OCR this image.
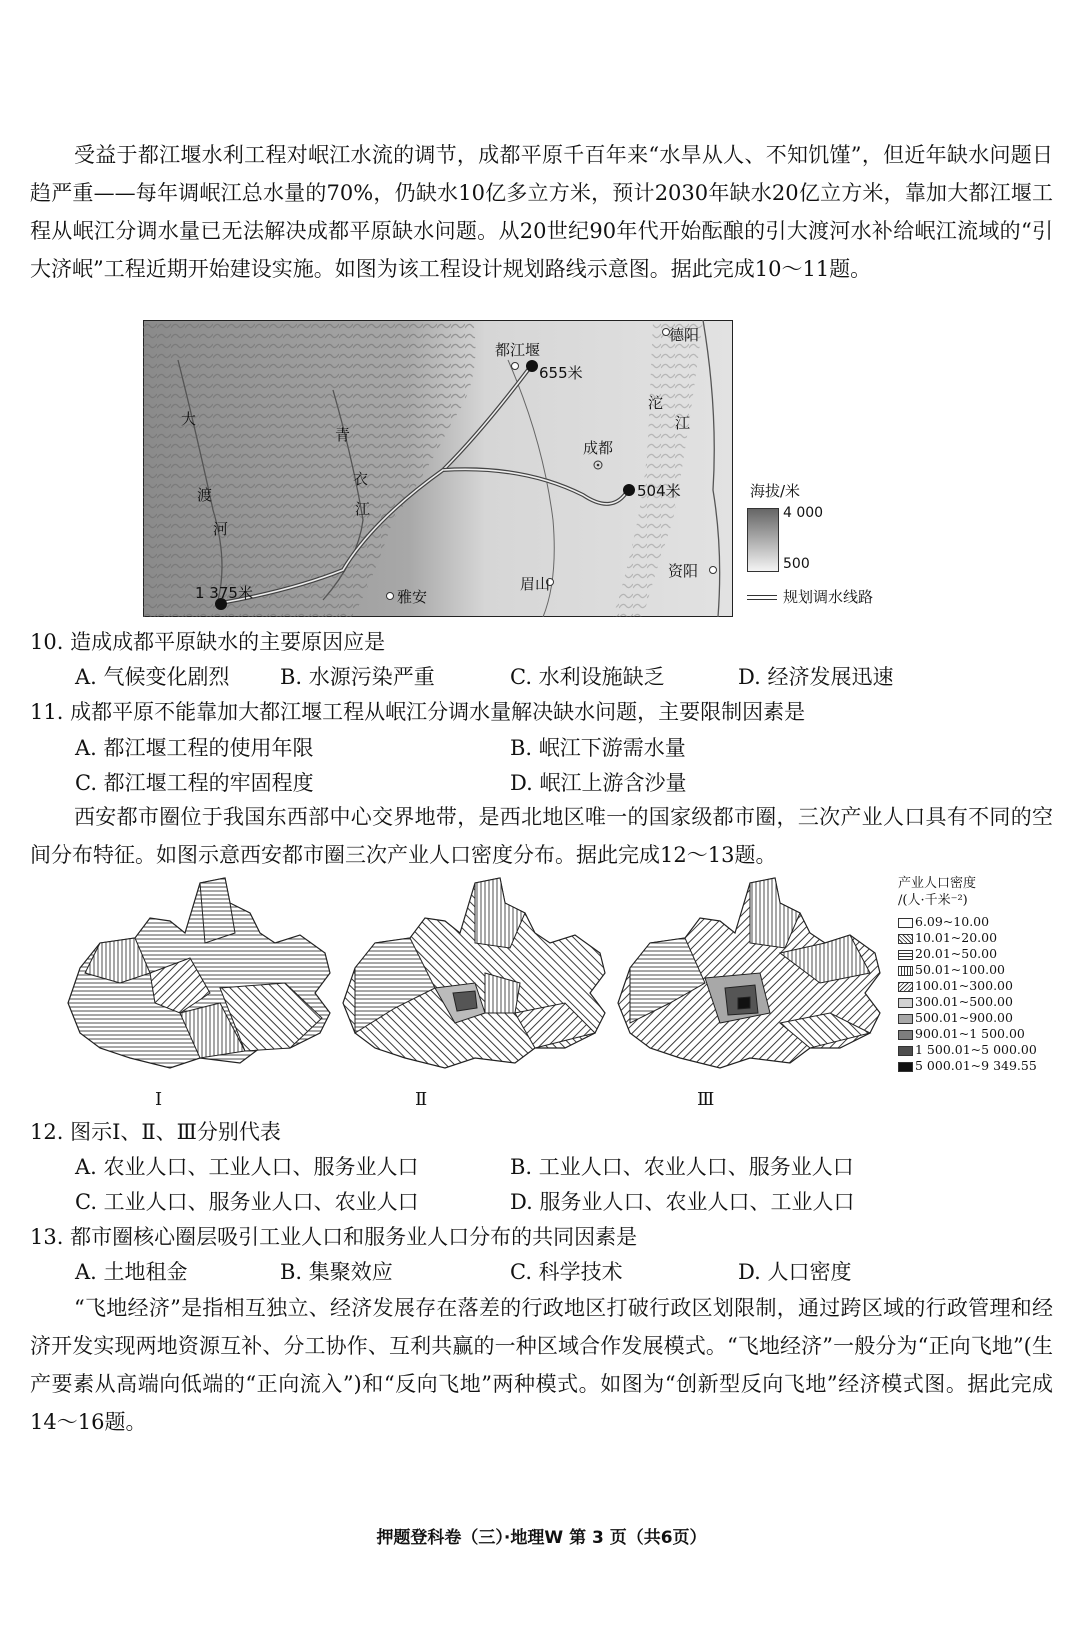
受益于都江堰水利工程对岷江水流的调节，成都平原千百年来“水旱从人、不知饥馑”，但近年缺水问题日趋严重——每年调岷江总水量的70%，仍缺水10亿多立方米，预计2030年缺水20亿立方米，靠加大都江堰工程从岷江分调水量已无法解决成都平原缺水问题。从20世纪90年代开始酝酿的引大渡河水补给岷江流域的“引大济岷”工程近期开始建设实施。如图为该工程设计规划路线示意图。据此完成10～11题。
都江堰
德阳
成都
眉山
雅安
资阳
655米
504米
1 375米
大
渡
河
青
衣
江
沱
江
海拔/米
4 000
500
规划调水线路
10. 造成成都平原缺水的主要原因应是
A. 气候变化剧烈 B. 水源污染严重	C. 水利设施缺乏	D. 经济发展迅速
11. 成都平原不能靠加大都江堰工程从岷江分调水量解决缺水问题，主要限制因素是
A. 都江堰工程的使用年限	B. 岷江下游需水量
C. 都江堰工程的牢固程度	D. 岷江上游含沙量
西安都市圈位于我国东西部中心交界地带，是西北地区唯一的国家级都市圈，三次产业人口具有不同的空间分布特征。如图示意西安都市圈三次产业人口密度分布。据此完成12～13题。
Ⅰ	Ⅱ	Ⅲ
产业人口密度
/(人·千米⁻²)
6.09~10.00
10.01~20.00
20.01~50.00
50.01~100.00
100.01~300.00
300.01~500.00
500.01~900.00
900.01~1 500.00
1 500.01~5 000.00
5 000.01~9 349.55
12. 图示Ⅰ、Ⅱ、Ⅲ分别代表
A. 农业人口、工业人口、服务业人口	B. 工业人口、农业人口、服务业人口
C. 工业人口、服务业人口、农业人口	D. 服务业人口、农业人口、工业人口
13. 都市圈核心圈层吸引工业人口和服务业人口分布的共同因素是
A. 土地租金	B. 集聚效应	C. 科学技术	D. 人口密度
“飞地经济”是指相互独立、经济发展存在落差的行政地区打破行政区划限制，通过跨区域的行政管理和经济开发实现两地资源互补、分工协作、互利共赢的一种区域合作发展模式。“飞地经济”一般分为“正向飞地”(生产要素从高端向低端的“正向流入”)和“反向飞地”两种模式。如图为“创新型反向飞地”经济模式图。据此完成14～16题。
押题登科卷（三）·地理W 第 3 页（共6页）
